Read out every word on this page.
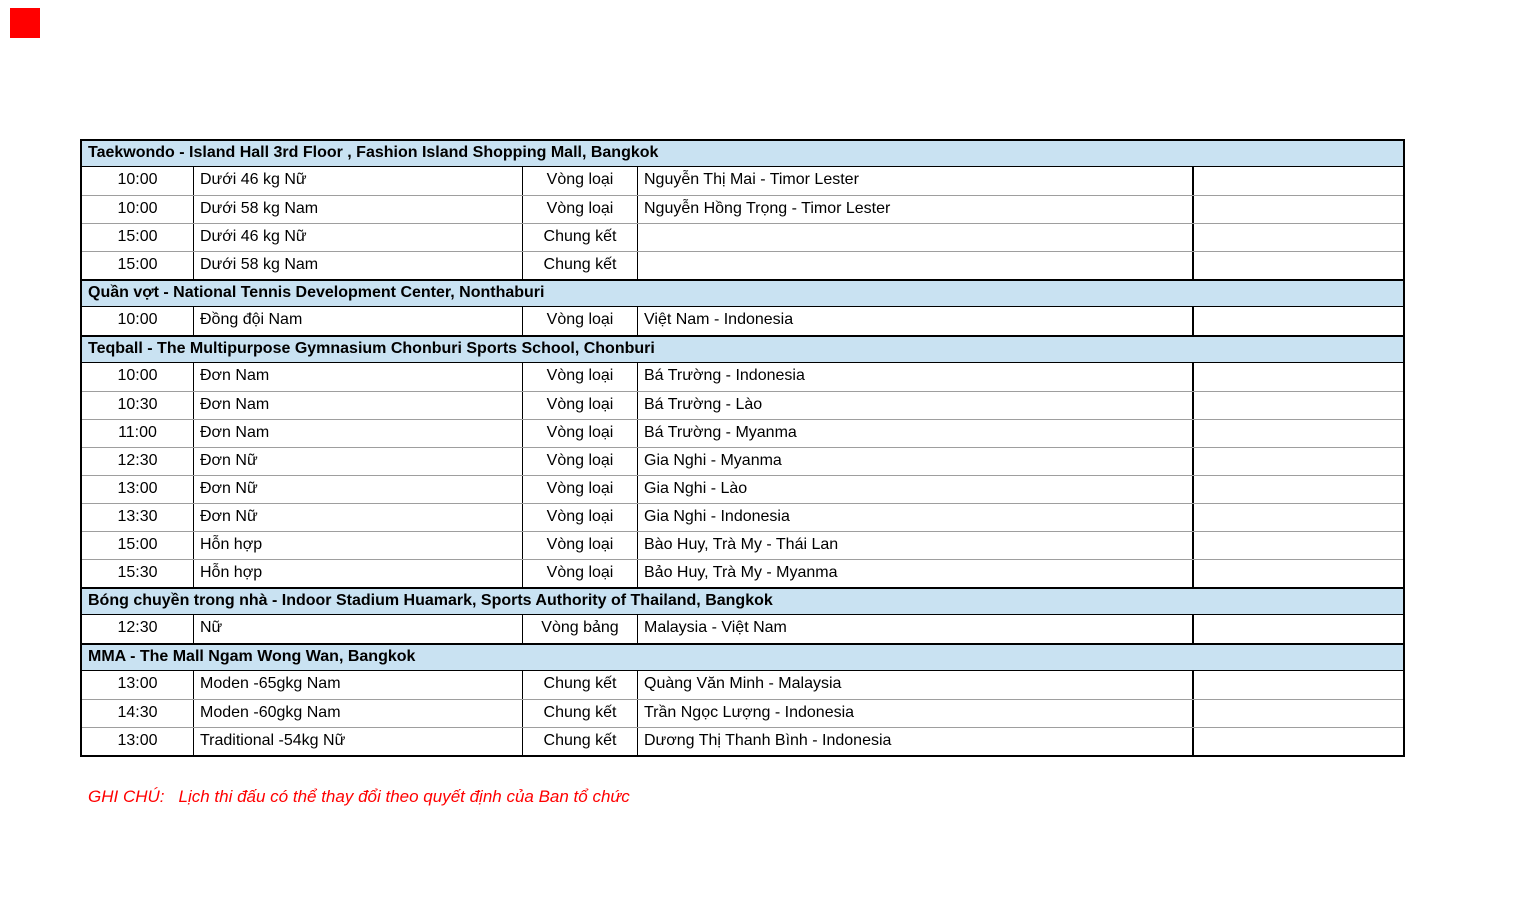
Taekwondo - Island Hall 3rd Floor , Fashion Island Shopping Mall, Bangkok
10:00	Dưới 46 kg Nữ	Vòng loại	Nguyễn Thị Mai - Timor Lester
10:00	Dưới 58 kg Nam	Vòng loại	Nguyễn Hồng Trọng - Timor Lester
15:00	Dưới 46 kg Nữ	Chung kết
15:00	Dưới 58 kg Nam	Chung kết
Quần vợt - National Tennis Development Center, Nonthaburi
10:00	Đồng đội Nam	Vòng loại	Việt Nam - Indonesia
Teqball - The Multipurpose Gymnasium Chonburi Sports School, Chonburi
10:00	Đơn Nam	Vòng loại	Bá Trường - Indonesia
10:30	Đơn Nam	Vòng loại	Bá Trường - Lào
11:00	Đơn Nam	Vòng loại	Bá Trường - Myanma
12:30	Đơn Nữ	Vòng loại	Gia Nghi - Myanma
13:00	Đơn Nữ	Vòng loại	Gia Nghi - Lào
13:30	Đơn Nữ	Vòng loại	Gia Nghi - Indonesia
15:00	Hỗn hợp	Vòng loại	Bào Huy, Trà My - Thái Lan
15:30	Hỗn hợp	Vòng loại	Bảo Huy, Trà My - Myanma
Bóng chuyền trong nhà - Indoor Stadium Huamark, Sports Authority of Thailand, Bangkok
12:30	Nữ	Vòng bảng	Malaysia - Việt Nam
MMA - The Mall Ngam Wong Wan, Bangkok
13:00	Moden -65gkg Nam	Chung kết	Quàng Văn Minh - Malaysia
14:30	Moden -60gkg Nam	Chung kết	Trần Ngọc Lượng - Indonesia
13:00	Traditional -54kg Nữ	Chung kết	Dương Thị Thanh Bình - Indonesia
GHI CHÚ: Lịch thi đấu có thể thay đổi theo quyết định của Ban tổ chức
